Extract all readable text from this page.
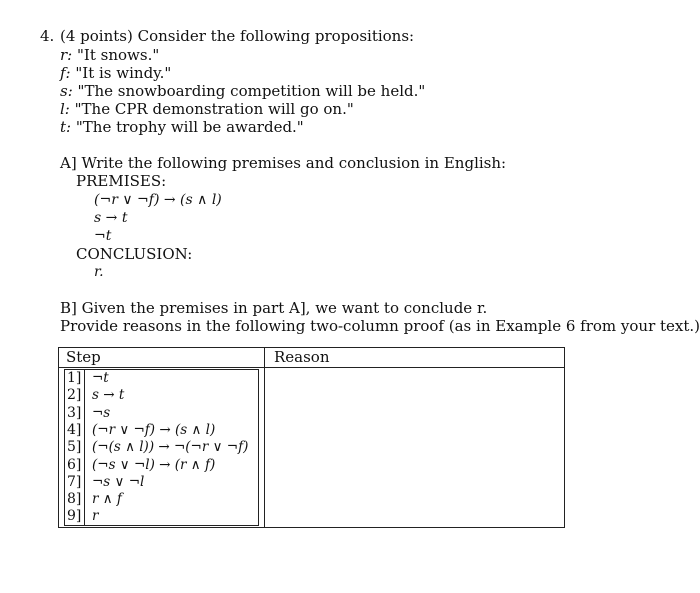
4. (4 points) Consider the following propositions:
r: "It snows."
f: "It is windy."
s: "The snowboarding competition will be held."
l: "The CPR demonstration will go on."
t: "The trophy will be awarded."
A] Write the following premises and conclusion in English:
PREMISES:
(¬r ∨ ¬f) → (s ∧ l)
s → t
¬t
CONCLUSION:
r.
B] Given the premises in part A], we want to conclude r.
Provide reasons in the following two-column proof (as in Example 6 from your text.)
Step	Reason
1] ¬t
2] s → t
3] ¬s
4] (¬r ∨ ¬f) → (s ∧ l)
5] (¬(s ∧ l)) → ¬(¬r ∨ ¬f)
6] (¬s ∨ ¬l) → (r ∧ f)
7] ¬s ∨ ¬l
8] r ∧ f
9] r
